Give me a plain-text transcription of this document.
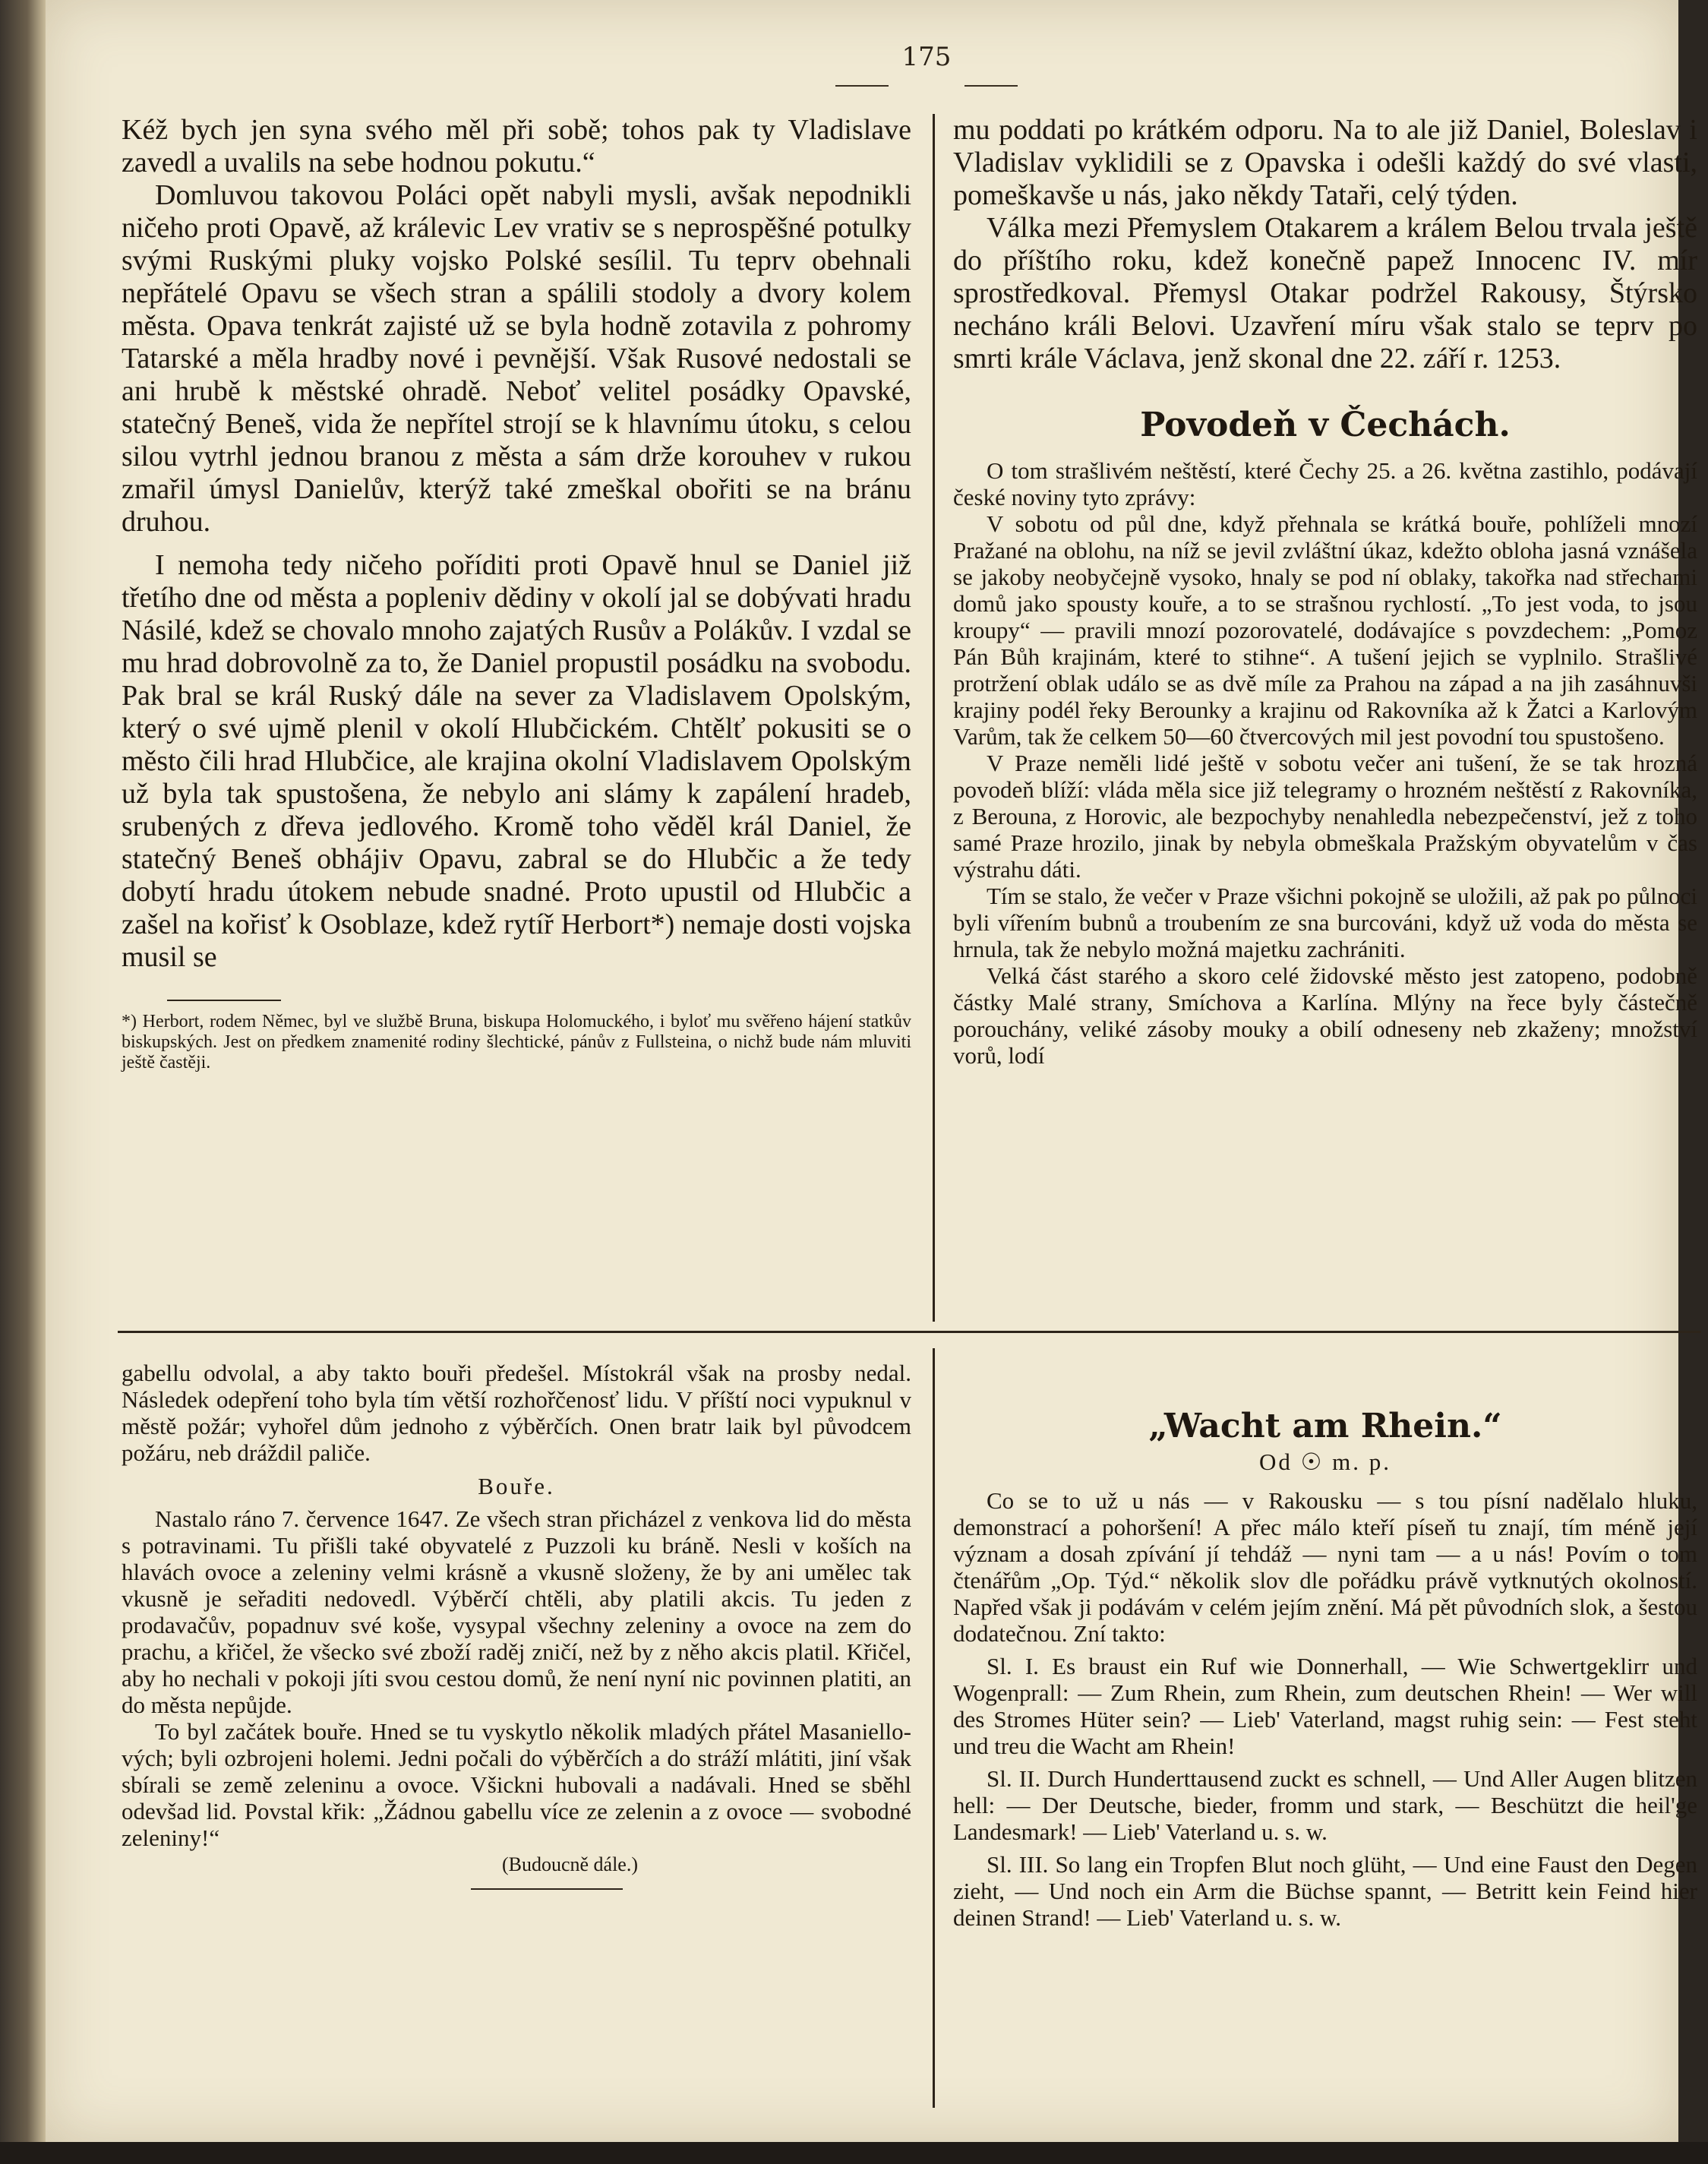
175

Kéž bych jen syna svého měl při sobě; tohos pak ty Vladislave zavedl a uvalils na sebe hodnou pokutu.“

Domluvou takovou Poláci opět nabyli mysli, avšak nepodnikli ničeho proti Opavě, až králevic Lev vrativ se s neprospěšné potulky svými Ruskými pluky vojsko Polské sesílil. Tu teprv obehnali nepřátelé Opavu se všech stran a spálili stodoly a dvory kolem města. Opava tenkrát zajisté už se byla hodně zotavila z pohromy Tatarské a měla hradby nové i pevnější. Však Rusové nedostali se ani hrubě k městské ohradě. Neboť velitel posádky Opavské, statečný Beneš, vida že nepřítel strojí se k hlavnímu útoku, s celou silou vytrhl jednou branou z města a sám drže korouhev v rukou zmařil úmysl Danielův, kterýž také zmeškal obořiti se na bránu druhou.

I nemoha tedy ničeho poříditi proti Opavě hnul se Daniel již třetího dne od města a popleniv dědiny v okolí jal se dobývati hradu Násilé, kdež se chovalo mnoho zajatých Rusův a Polákův. I vzdal se mu hrad dobrovolně za to, že Daniel propustil posádku na svobodu. Pak bral se král Ruský dále na sever za Vladislavem Opolským, který o své ujmě plenil v okolí Hlubčickém. Chtělť pokusiti se o město čili hrad Hlubčice, ale krajina okolní Vladislavem Opolským už byla tak spustošena, že nebylo ani slámy k zapálení hradeb, srubených z dřeva jedlového. Kromě toho věděl král Daniel, že statečný Beneš obhájiv Opavu, zabral se do Hlubčic a že tedy dobytí hradu útokem nebude snadné. Proto upustil od Hlubčic a zašel na kořisť k Osoblaze, kdež rytíř Herbort*) nemaje dosti vojska musil se

*) Herbort, rodem Němec, byl ve službě Bruna, biskupa Holomuckého, i byloť mu svěřeno hájení statkův biskupských. Jest on předkem znamenité rodiny šlechtické, pánův z Fullsteina, o nichž bude nám mluviti ještě častěji.

mu poddati po krátkém odporu. Na to ale již Daniel, Boleslav i Vladislav vyklidili se z Opavska i odešli každý do své vlasti, pomeškavše u nás, jako někdy Tataři, celý týden.

Válka mezi Přemyslem Otakarem a králem Belou trvala ještě do příštího roku, kdež konečně papež Innocenc IV. mír sprostředkoval. Přemysl Otakar podržel Rakousy, Štýrsko necháno králi Belovi. Uzavření míru však stalo se teprv po smrti krále Václava, jenž skonal dne 22. září r. 1253.

Povodeň v Čechách.

O tom strašlivém neštěstí, které Čechy 25. a 26. května zastihlo, podávají české noviny tyto zprávy:

V sobotu od půl dne, když přehnala se krátká bouře, pohlíželi mnozí Pražané na oblohu, na níž se jevil zvláštní úkaz, kdežto obloha jasná vznášela se jakoby neobyčejně vysoko, hnaly se pod ní oblaky, takořka nad střechami domů jako spousty kouře, a to se strašnou rychlostí. „To jest voda, to jsou kroupy“ — pravili mnozí pozorovatelé, dodávajíce s povzdechem: „Pomoz Pán Bůh krajinám, které to stihne“. A tušení jejich se vyplnilo. Strašlivé protržení oblak událo se as dvě míle za Prahou na západ a na jih zasáhnuvši krajiny podél řeky Berounky a krajinu od Rakovníka až k Žatci a Karlovým Varům, tak že celkem 50—60 čtvercových mil jest povodní tou spustošeno.

V Praze neměli lidé ještě v sobotu večer ani tušení, že se tak hrozná povodeň blíží: vláda měla sice již telegramy o hrozném neštěstí z Rakovníka, z Berouna, z Horovic, ale bezpochyby nenahledla nebezpečenství, jež z toho samé Praze hrozilo, jinak by nebyla obmeškala Pražským obyvatelům v čas výstrahu dáti.

Tím se stalo, že večer v Praze všichni pokojně se uložili, až pak po půlnoci byli vířením bubnů a troubením ze sna burcováni, když už voda do města se hrnula, tak že nebylo možná majetku zachrániti.

Velká část starého a skoro celé židovské město jest zatopeno, podobně částky Malé strany, Smíchova a Karlína. Mlýny na řece byly částečně porouchány, veliké zásoby mouky a obilí odneseny neb zkaženy; množství vorů, lodí

gabellu odvolal, a aby takto bouři předešel. Místokrál však na prosby nedal. Následek odepření toho byla tím větší rozhořčenosť lidu. V příští noci vypuknul v městě požár; vyhořel dům jednoho z výběrčích. Onen bratr laik byl původcem požáru, neb dráždil paliče.

Bouře.

Nastalo ráno 7. července 1647. Ze všech stran přicházel z venkova lid do města s potravinami. Tu přišli také obyvatelé z Puzzoli ku bráně. Nesli v koších na hlavách ovoce a zeleniny velmi krásně a vkusně složeny, že by ani umělec tak vkusně je seřaditi nedovedl. Výběrčí chtěli, aby platili akcis. Tu jeden z prodavačův, popadnuv své koše, vysypal všechny zeleniny a ovoce na zem do prachu, a křičel, že všecko své zboží raděj zničí, než by z něho akcis platil. Křičel, aby ho nechali v pokoji jíti svou cestou domů, že není nyní nic povinnen platiti, an do města nepůjde.

To byl začátek bouře. Hned se tu vyskytlo několik mladých přátel Masaniello-vých; byli ozbrojeni holemi. Jedni počali do výběrčích a do stráží mlátiti, jiní však sbírali se země zeleninu a ovoce. Všickni hubovali a nadávali. Hned se sběhl odevšad lid. Povstal křik: „Žádnou gabellu více ze zelenin a z ovoce — svobodné zeleniny!“

(Budoucně dále.)

„Wacht am Rhein.“
Od ☉ m. p.

Co se to už u nás — v Rakousku — s tou písní nadělalo hluku, demonstrací a pohoršení! A přec málo kteří píseň tu znají, tím méně její význam a dosah zpívání jí tehdáž — nyni tam — a u nás! Povím o tom čtenářům „Op. Týd.“ několik slov dle pořádku právě vytknutých okolností. Napřed však ji podávám v celém jejím znění. Má pět původních slok, a šestou dodatečnou. Zní takto:

Sl. I. Es braust ein Ruf wie Donnerhall, — Wie Schwertgeklirr und Wogenprall: — Zum Rhein, zum Rhein, zum deutschen Rhein! — Wer will des Stromes Hüter sein? — Lieb' Vaterland, magst ruhig sein: — Fest steht und treu die Wacht am Rhein!

Sl. II. Durch Hunderttausend zuckt es schnell, — Und Aller Augen blitzen hell: — Der Deutsche, bieder, fromm und stark, — Beschützt die heil'ge Landesmark! — Lieb' Vaterland u. s. w.

Sl. III. So lang ein Tropfen Blut noch glüht, — Und eine Faust den Degen zieht, — Und noch ein Arm die Büchse spannt, — Betritt kein Feind hier deinen Strand! — Lieb' Vaterland u. s. w.
